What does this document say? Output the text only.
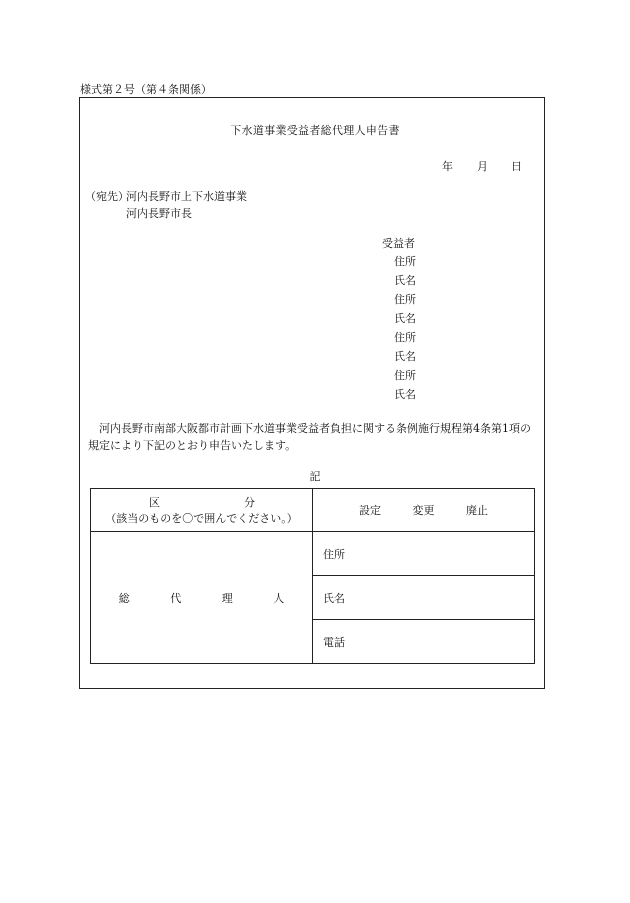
様式第２号（第４条関係）
下水道事業受益者総代理人申告書
年 月 日
（宛先）
河内長野市上下水道事業
河内長野市長
受益者
住所
氏名
住所
氏名
住所
氏名
住所
氏名
河内長野市南部大阪都市計画下水道事業受益者負担に関する条例施行規程第4条第1項の規定により下記のとおり申告いたします。
記
区 分
（該当のものを〇で囲んでください。）	設定 変更 廃止
総 代 理 人	住所
	氏名
	電話
